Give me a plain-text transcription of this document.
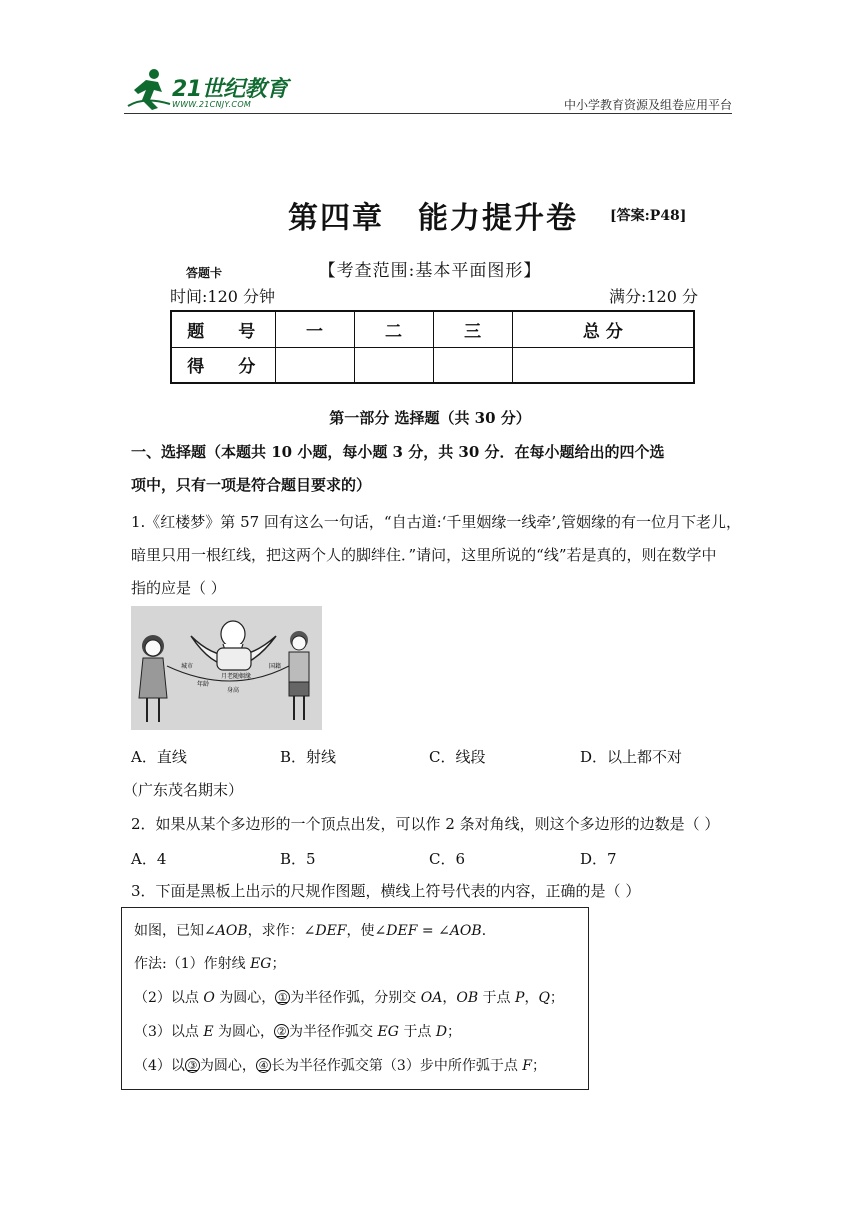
21世纪教育
WWW.21CNJY.COM	中小学教育资源及组卷应用平台
第四章 能力提升卷 [答案:P48]
【考查范围:基本平面图形】
答题卡
时间:120 分钟	满分:120 分
题 号	一	二	三	总 分
得 分				
第一部分 选择题（共 30 分）
一、选择题（本题共 10 小题，每小题 3 分，共 30 分．在每小题给出的四个选
项中，只有一项是符合题目要求的）
1.《红楼梦》第 57 回有这么一句话，“自古道:‘千里姻缘一线牵’,管姻缘的有一位月下老儿，
暗里只用一根红线，把这两个人的脚绊住．”请问，这里所说的“线”若是真的，则在数学中
指的应是（ ）
城市
年龄
身高
月老随姻缘
国籍
A．直线	B．射线	C．线段	D．以上都不对
（广东茂名期末）
2．如果从某个多边形的一个顶点出发，可以作 2 条对角线，则这个多边形的边数是（ ）
A．4	B．5	C．6	D．7
3．下面是黑板上出示的尺规作图题，横线上符号代表的内容，正确的是（ ）
如图，已知∠AOB，求作：∠DEF，使∠DEF = ∠AOB．
作法:（1）作射线 EG；
（2）以点 O 为圆心， ① 为半径作弧，分别交 OA，OB 于点 P，Q；
（3）以点 E 为圆心， ② 为半径作弧交 EG 于点 D；
（4）以 ③ 为圆心， ④ 长为半径作弧交第（3）步中所作弧于点 F；
